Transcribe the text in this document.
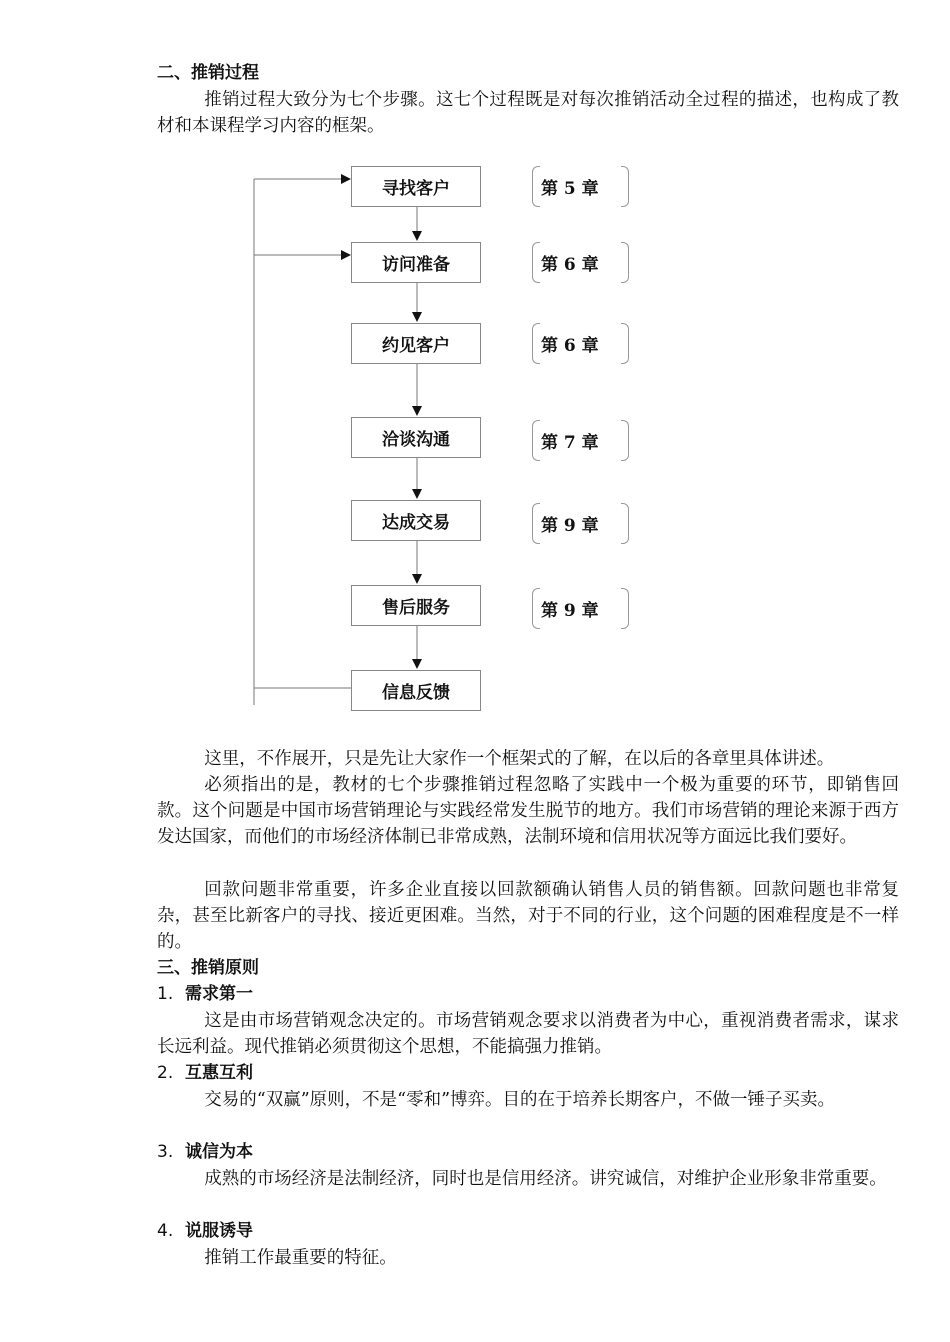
二、推销过程

推销过程大致分为七个步骤。这七个过程既是对每次推销活动全过程的描述，也构成了教材和本课程学习内容的框架。

寻找客户
访问准备
约见客户
洽谈沟通
达成交易
售后服务
信息反馈
第 5 章
第 6 章
第 6 章
第 7 章
第 9 章
第 9 章

这里，不作展开，只是先让大家作一个框架式的了解，在以后的各章里具体讲述。

必须指出的是，教材的七个步骤推销过程忽略了实践中一个极为重要的环节，即销售回款。这个问题是中国市场营销理论与实践经常发生脱节的地方。我们市场营销的理论来源于西方发达国家，而他们的市场经济体制已非常成熟，法制环境和信用状况等方面远比我们要好。

回款问题非常重要，许多企业直接以回款额确认销售人员的销售额。回款问题也非常复杂，甚至比新客户的寻找、接近更困难。当然，对于不同的行业，这个问题的困难程度是不一样的。

三、推销原则
1. 需求第一

这是由市场营销观念决定的。市场营销观念要求以消费者为中心，重视消费者需求，谋求长远利益。现代推销必须贯彻这个思想，不能搞强力推销。

2. 互惠互利

交易的“双赢”原则，不是“零和”博弈。目的在于培养长期客户，不做一锤子买卖。

3. 诚信为本

成熟的市场经济是法制经济，同时也是信用经济。讲究诚信，对维护企业形象非常重要。

4. 说服诱导

推销工作最重要的特征。
